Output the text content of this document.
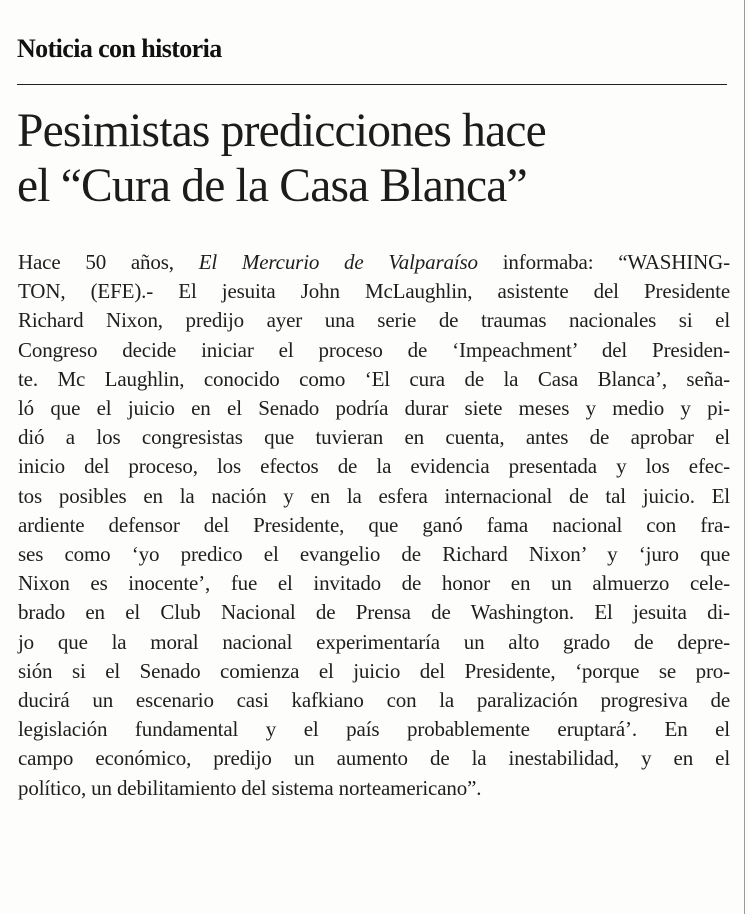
Noticia con historia
Pesimistas predicciones hace
el “Cura de la Casa Blanca”
Hace 50 años, El Mercurio de Valparaíso informaba: “WASHING-
TON, (EFE).- El jesuita John McLaughlin, asistente del Presidente
Richard Nixon, predijo ayer una serie de traumas nacionales si el
Congreso decide iniciar el proceso de ‘Impeachment’ del Presiden-
te. Mc Laughlin, conocido como ‘El cura de la Casa Blanca’, seña-
ló que el juicio en el Senado podría durar siete meses y medio y pi-
dió a los congresistas que tuvieran en cuenta, antes de aprobar el
inicio del proceso, los efectos de la evidencia presentada y los efec-
tos posibles en la nación y en la esfera internacional de tal juicio. El
ardiente defensor del Presidente, que ganó fama nacional con fra-
ses como ‘yo predico el evangelio de Richard Nixon’ y ‘juro que
Nixon es inocente’, fue el invitado de honor en un almuerzo cele-
brado en el Club Nacional de Prensa de Washington. El jesuita di-
jo que la moral nacional experimentaría un alto grado de depre-
sión si el Senado comienza el juicio del Presidente, ‘porque se pro-
ducirá un escenario casi kafkiano con la paralización progresiva de
legislación fundamental y el país probablemente eruptará’. En el
campo económico, predijo un aumento de la inestabilidad, y en el
político, un debilitamiento del sistema norteamericano”.
